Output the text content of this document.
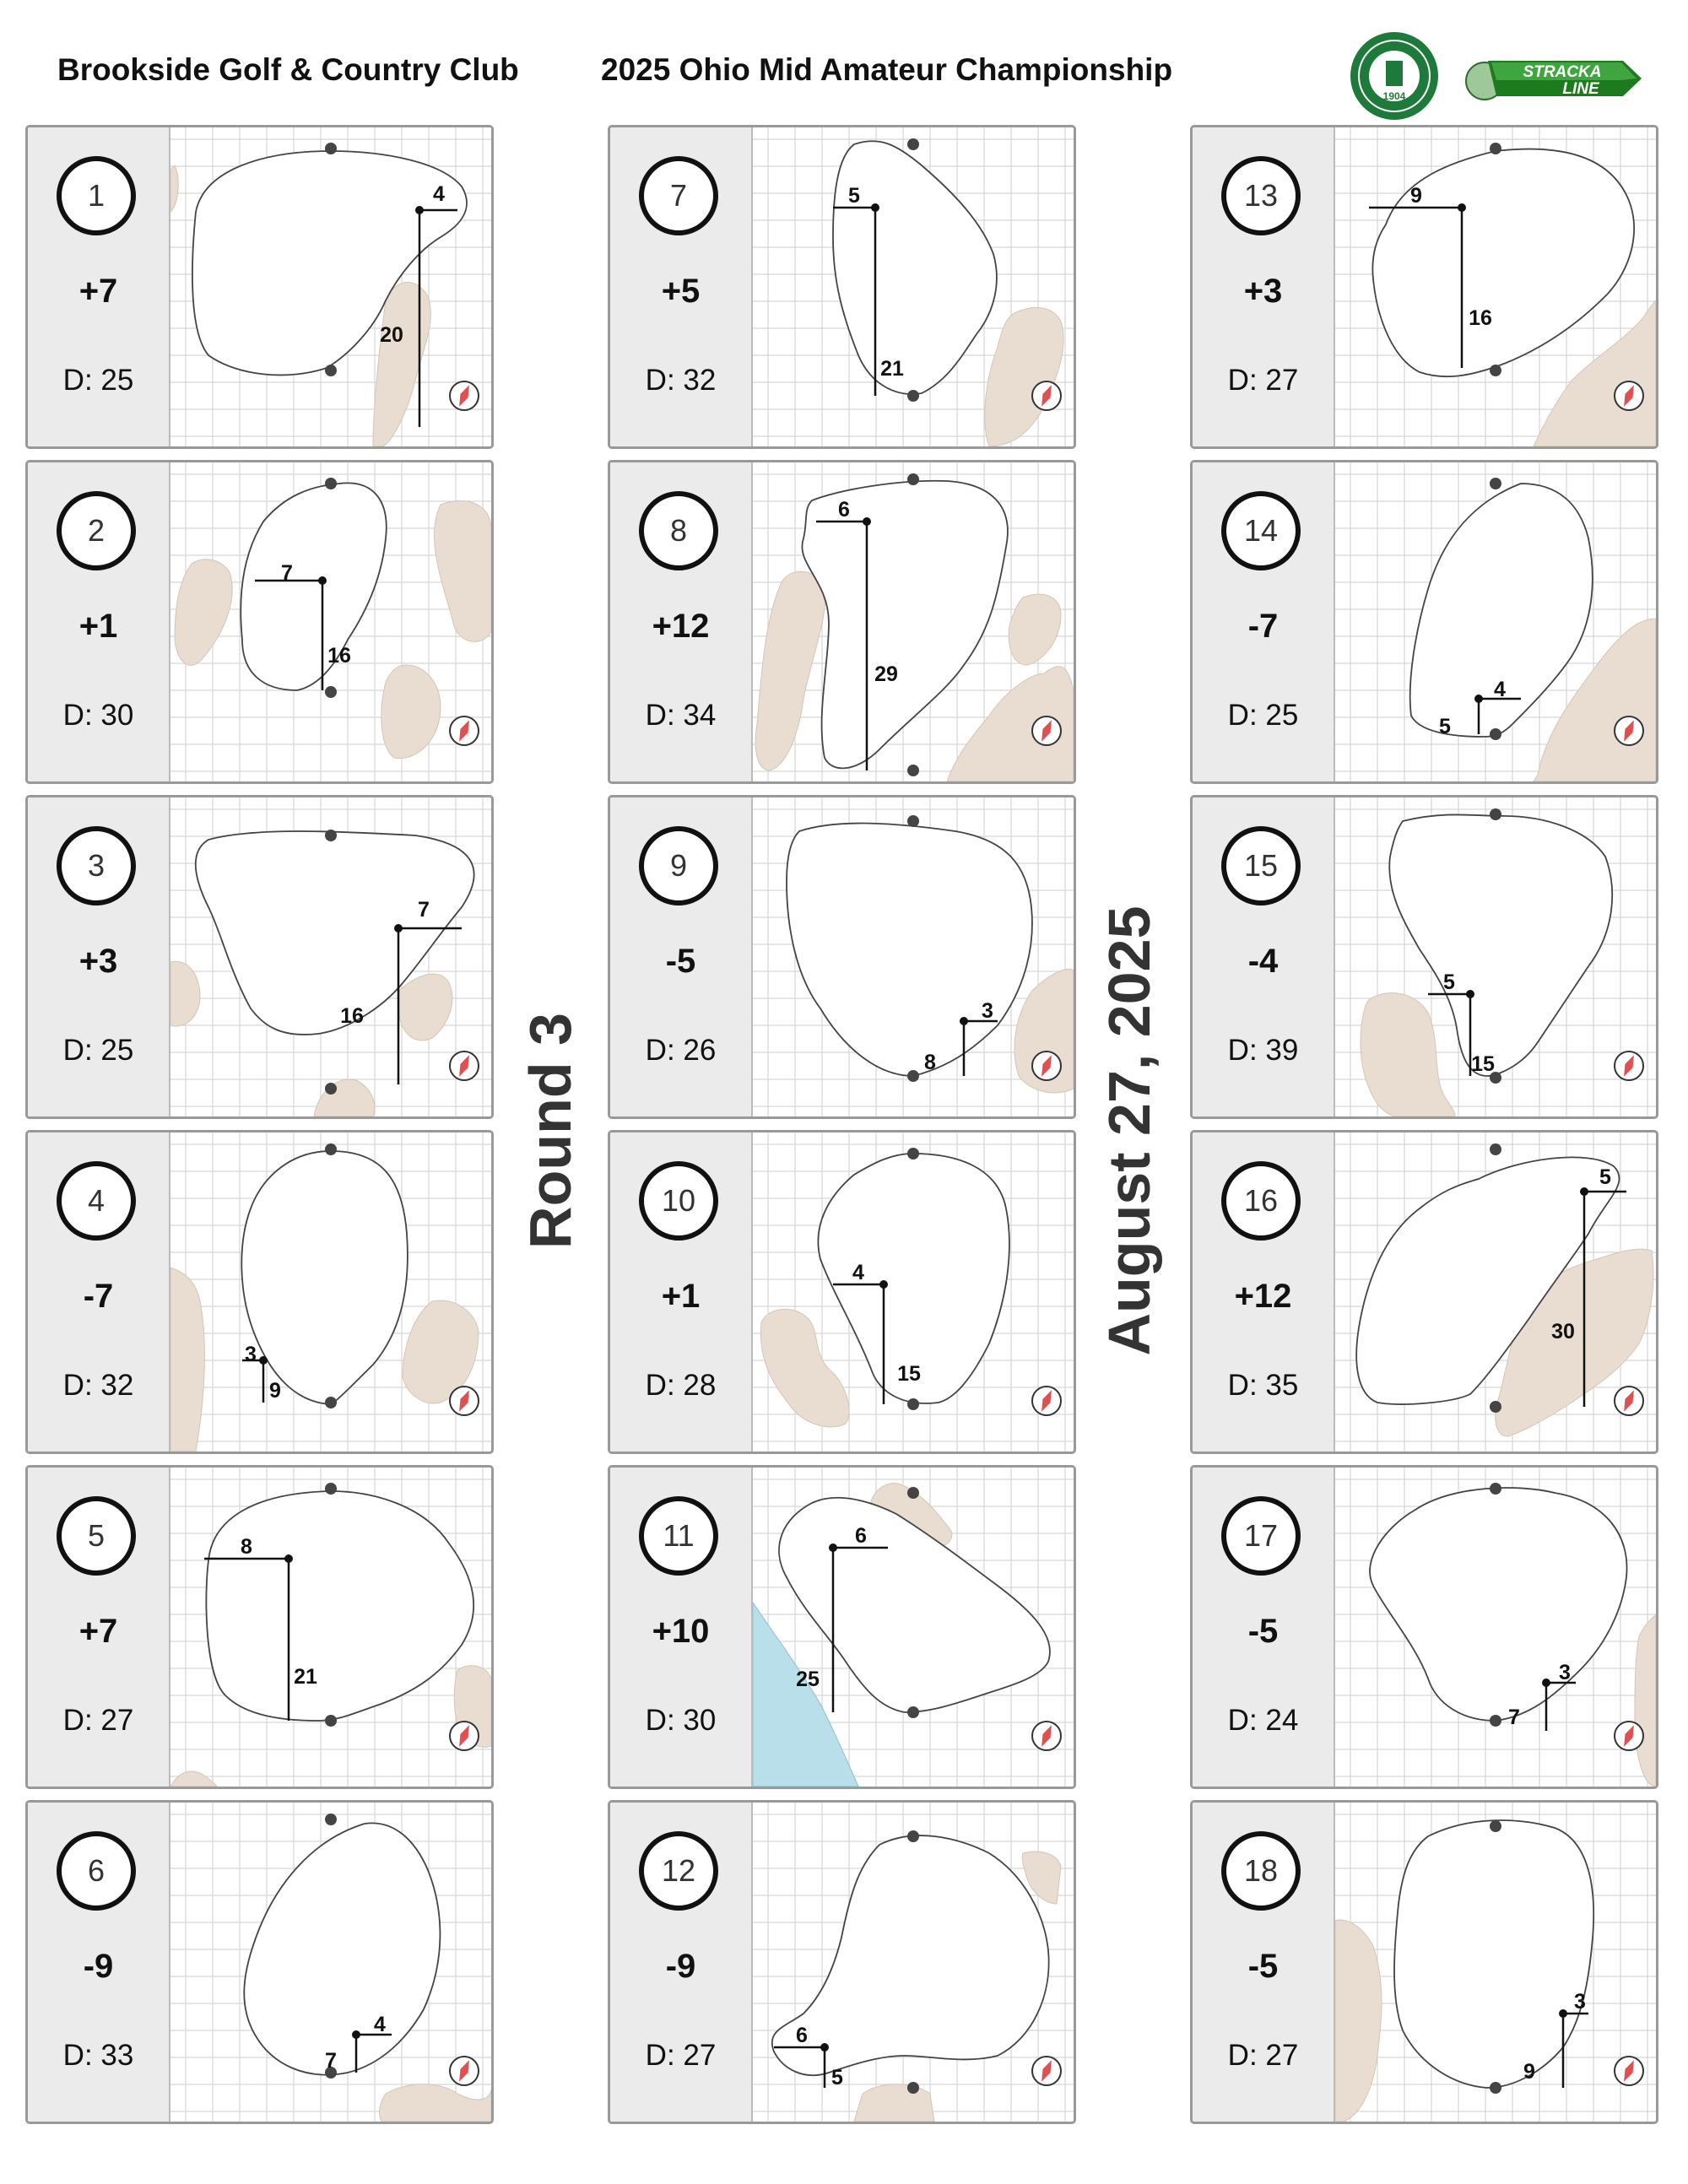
Brookside Golf & Country Club	2025 Ohio Mid Amateur Championship
1904
STRACKA
LINE
Round 3	August 27, 2025
1
+7
D: 25
4
20
2
+1
D: 30
7
16
3
+3
D: 25
7
16
4
-7
D: 32
3
9
5
+7
D: 27
8
21
6
-9
D: 33
4
7
7
+5
D: 32
5
21
8
+12
D: 34
6
29
9
-5
D: 26
3
8
10
+1
D: 28
4
15
11
+10
D: 30
6
25
12
-9
D: 27
6
5
13
+3
D: 27
9
16
14
-7
D: 25
4
5
15
-4
D: 39
5
15
16
+12
D: 35
5
30
17
-5
D: 24
3
7
18
-5
D: 27
3
9
